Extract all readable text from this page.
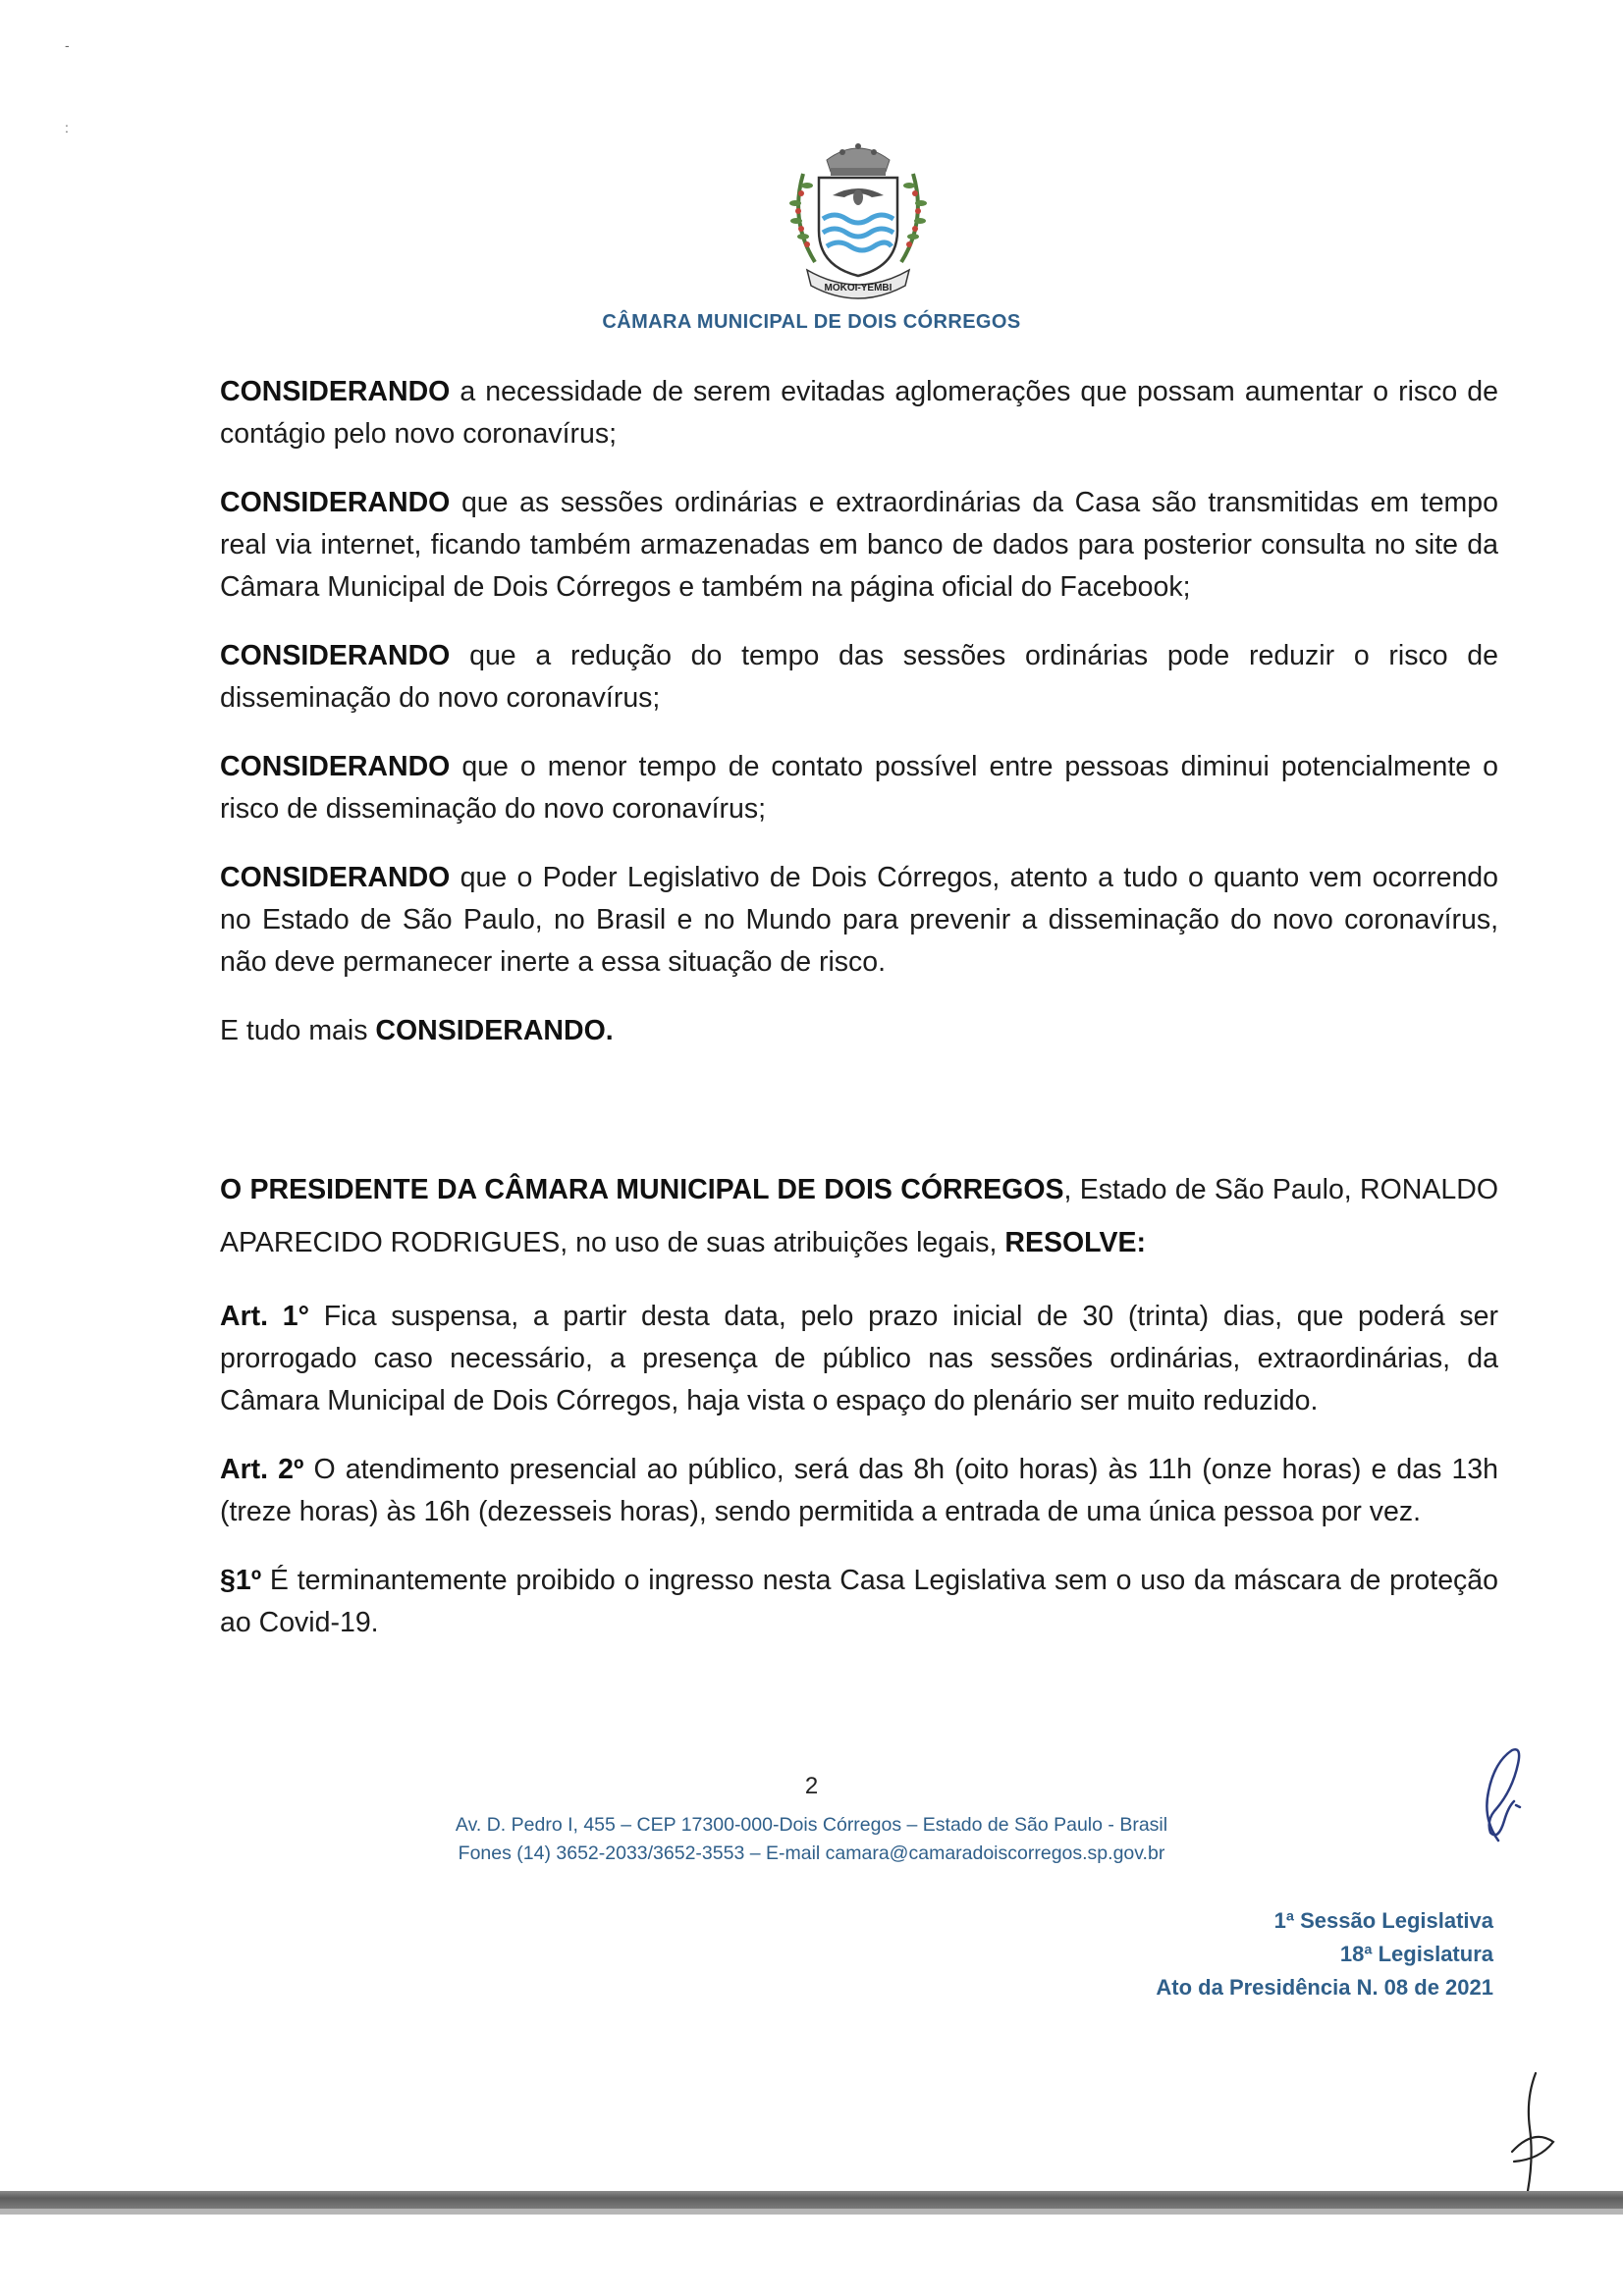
-
:
MOKOI-YEMBI
CÂMARA MUNICIPAL DE DOIS CÓRREGOS

CONSIDERANDO a necessidade de serem evitadas aglomerações que possam aumentar o risco de contágio pelo novo coronavírus;

CONSIDERANDO que as sessões ordinárias e extraordinárias da Casa são transmitidas em tempo real via internet, ficando também armazenadas em banco de dados para posterior consulta no site da Câmara Municipal de Dois Córregos e também na página oficial do Facebook;

CONSIDERANDO que a redução do tempo das sessões ordinárias pode reduzir o risco de disseminação do novo coronavírus;

CONSIDERANDO que o menor tempo de contato possível entre pessoas diminui potencialmente o risco de disseminação do novo coronavírus;

CONSIDERANDO que o Poder Legislativo de Dois Córregos, atento a tudo o quanto vem ocorrendo no Estado de São Paulo, no Brasil e no Mundo para prevenir a disseminação do novo coronavírus, não deve permanecer inerte a essa situação de risco.

E tudo mais CONSIDERANDO.

O PRESIDENTE DA CÂMARA MUNICIPAL DE DOIS CÓRREGOS, Estado de São Paulo, RONALDO APARECIDO RODRIGUES, no uso de suas atribuições legais, RESOLVE:

Art. 1° Fica suspensa, a partir desta data, pelo prazo inicial de 30 (trinta) dias, que poderá ser prorrogado caso necessário, a presença de público nas sessões ordinárias, extraordinárias, da Câmara Municipal de Dois Córregos, haja vista o espaço do plenário ser muito reduzido.

Art. 2º O atendimento presencial ao público, será das 8h (oito horas) às 11h (onze horas) e das 13h (treze horas) às 16h (dezesseis horas), sendo permitida a entrada de uma única pessoa por vez.

§1º É terminantemente proibido o ingresso nesta Casa Legislativa sem o uso da máscara de proteção ao Covid-19.

2
Av. D. Pedro I, 455 – CEP 17300-000-Dois Córregos – Estado de São Paulo - Brasil
Fones (14) 3652-2033/3652-3553 – E-mail camara@camaradoiscorregos.sp.gov.br
1ª Sessão Legislativa
18ª Legislatura
Ato da Presidência N. 08 de 2021
